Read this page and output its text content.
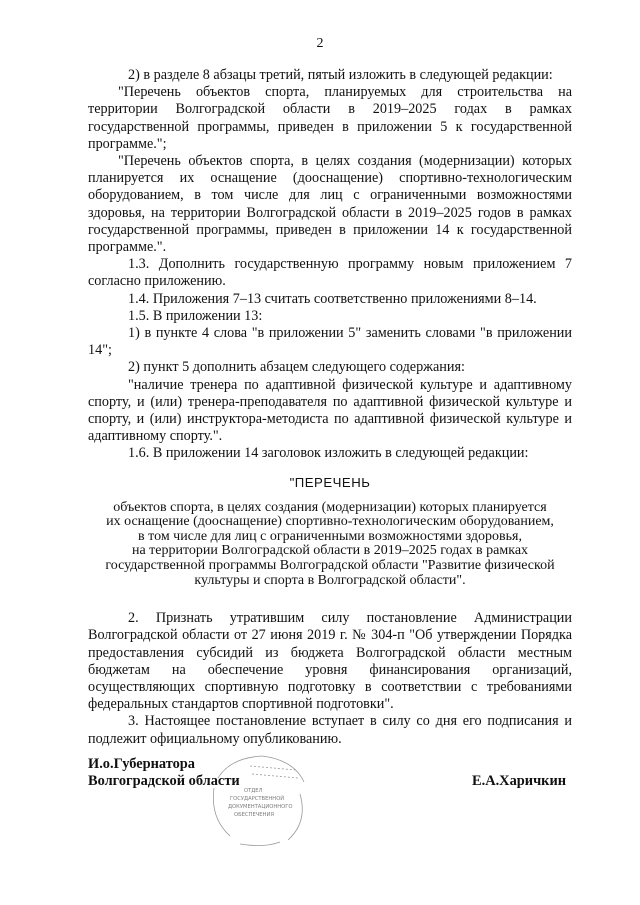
2

2) в разделе 8 абзацы третий, пятый изложить в следующей редакции:

"Перечень объектов спорта, планируемых для строительства на территории Волгоградской области в 2019–2025 годах в рамках государственной программы, приведен в приложении 5 к государственной программе.";

"Перечень объектов спорта, в целях создания (модернизации) которых планируется их оснащение (дооснащение) спортивно-технологическим оборудованием, в том числе для лиц с ограниченными возможностями здоровья, на территории Волгоградской области в 2019–2025 годов в рамках государственной программы, приведен в приложении 14 к государственной программе.".

1.3. Дополнить государственную программу новым приложением 7 согласно приложению.

1.4. Приложения 7–13 считать соответственно приложениями 8–14.

1.5. В приложении 13:

1) в пункте 4 слова "в приложении 5" заменить словами "в приложении 14";

2) пункт 5 дополнить абзацем следующего содержания:

"наличие тренера по адаптивной физической культуре и адаптивному спорту, и (или) тренера-преподавателя по адаптивной физической культуре и спорту, и (или) инструктора-методиста по адаптивной физической культуре и адаптивному спорту.".

1.6. В приложении 14 заголовок изложить в следующей редакции:

"ПЕРЕЧЕНЬ
объектов спорта, в целях создания (модернизации) которых планируется
их оснащение (дооснащение) спортивно-технологическим оборудованием,
в том числе для лиц с ограниченными возможностями здоровья,
на территории Волгоградской области в 2019–2025 годах в рамках
государственной программы Волгоградской области "Развитие физической
культуры и спорта в Волгоградской области".

2. Признать утратившим силу постановление Администрации Волгоградской области от 27 июня 2019 г. № 304-п "Об утверждении Порядка предоставления субсидий из бюджета Волгоградской области местным бюджетам на обеспечение уровня финансирования организаций, осуществляющих спортивную подготовку в соответствии с требованиями федеральных стандартов спортивной подготовки".

3. Настоящее постановление вступает в силу со дня его подписания и подлежит официальному опубликованию.

И.о.Губернатора
Волгоградской области	Е.А.Харичкин
ОТДЕЛ
ГОСУДАРСТВЕННОЙ
ДОКУМЕНТАЦИОННОГО
ОБЕСПЕЧЕНИЯ
